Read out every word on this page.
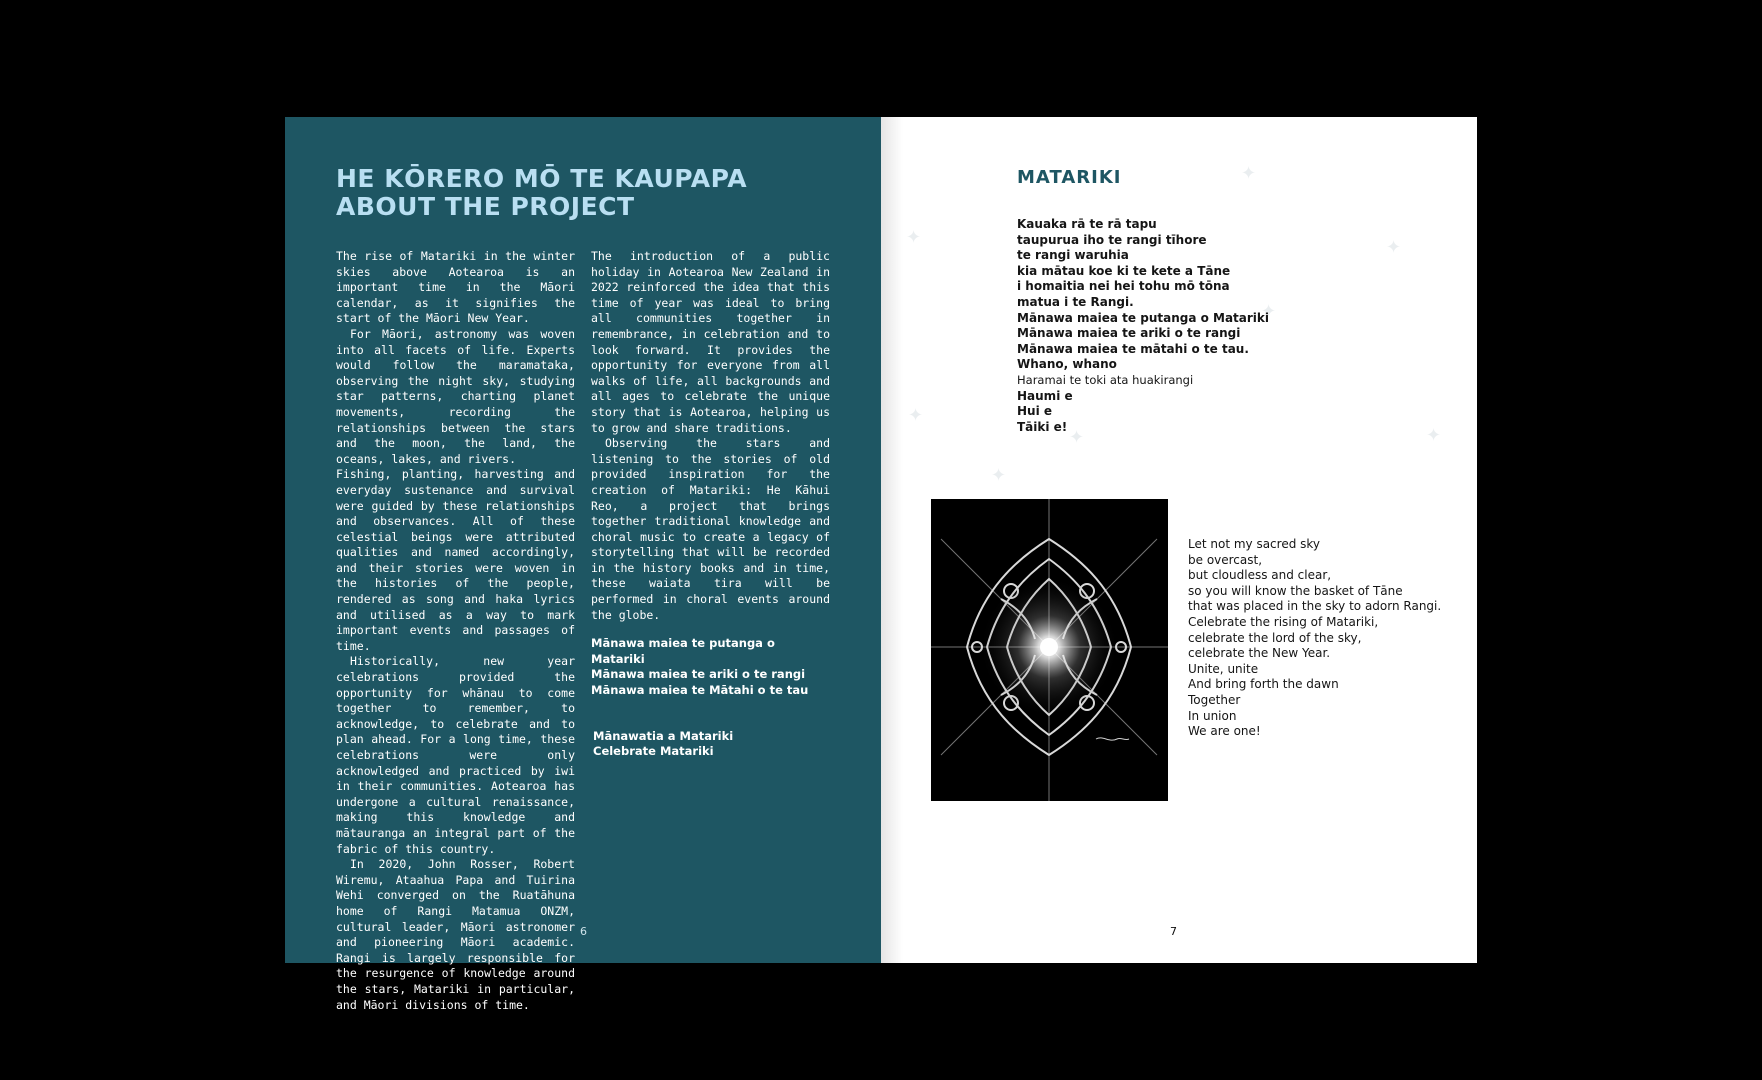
HE KŌRERO MŌ TE KAUPAPA
ABOUT THE PROJECT

The rise of Matariki in the winter skies above Aotearoa is an important time in the Māori calendar, as it signifies the start of the Māori New Year.

For Māori, astronomy was woven into all facets of life. Experts would follow the maramataka, observing the night sky, studying star patterns, charting planet movements, recording the relationships between the stars and the moon, the land, the oceans, lakes, and rivers.

Fishing, planting, harvesting and everyday sustenance and survival were guided by these relationships and observances. All of these celestial beings were attributed qualities and named accordingly, and their stories were woven in the histories of the people, rendered as song and haka lyrics and utilised as a way to mark important events and passages of time.

Historically, new year celebrations provided the opportunity for whānau to come together to remember, to acknowledge, to celebrate and to plan ahead. For a long time, these celebrations were only acknowledged and practiced by iwi in their communities. Aotearoa has undergone a cultural renaissance, making this knowledge and mātauranga an integral part of the fabric of this country.

In 2020, John Rosser, Robert Wiremu, Ataahua Papa and Tuirina Wehi converged on the Ruatāhuna home of Rangi Matamua ONZM, cultural leader, Māori astronomer and pioneering Māori academic. Rangi is largely responsible for the resurgence of knowledge around the stars, Matariki in particular, and Māori divisions of time.

The introduction of a public holiday in Aotearoa New Zealand in 2022 reinforced the idea that this time of year was ideal to bring all communities together in remembrance, in celebration and to look forward. It provides the opportunity for everyone from all walks of life, all backgrounds and all ages to celebrate the unique story that is Aotearoa, helping us to grow and share traditions.

Observing the stars and listening to the stories of old provided inspiration for the creation of Matariki: He Kāhui Reo, a project that brings together traditional knowledge and choral music to create a legacy of storytelling that will be recorded in the history books and in time, these waiata tira will be performed in choral events around the globe.

Mānawa maiea te putanga o Matariki
Mānawa maiea te ariki o te rangi
Mānawa maiea te Mātahi o te tau
Mānawatia a Matariki
Celebrate Matariki
6
✦
✦	✦
✦
✦
✦	✦
✦
MATARIKI
Kauaka rā te rā tapu
taupurua iho te rangi tīhore
te rangi waruhia
kia mātau koe ki te kete a Tāne
i homaitia nei hei tohu mō tōna
matua i te Rangi.
Mānawa maiea te putanga o Matariki
Mānawa maiea te ariki o te rangi
Mānawa maiea te mātahi o te tau.
Whano, whano
Haramai te toki ata huakirangi
Haumi e
Hui e
Tāiki e!
Let not my sacred sky
be overcast,
but cloudless and clear,
so you will know the basket of Tāne
that was placed in the sky to adorn Rangi.
Celebrate the rising of Matariki,
celebrate the lord of the sky,
celebrate the New Year.
Unite, unite
And bring forth the dawn
Together
In union
We are one!
7
